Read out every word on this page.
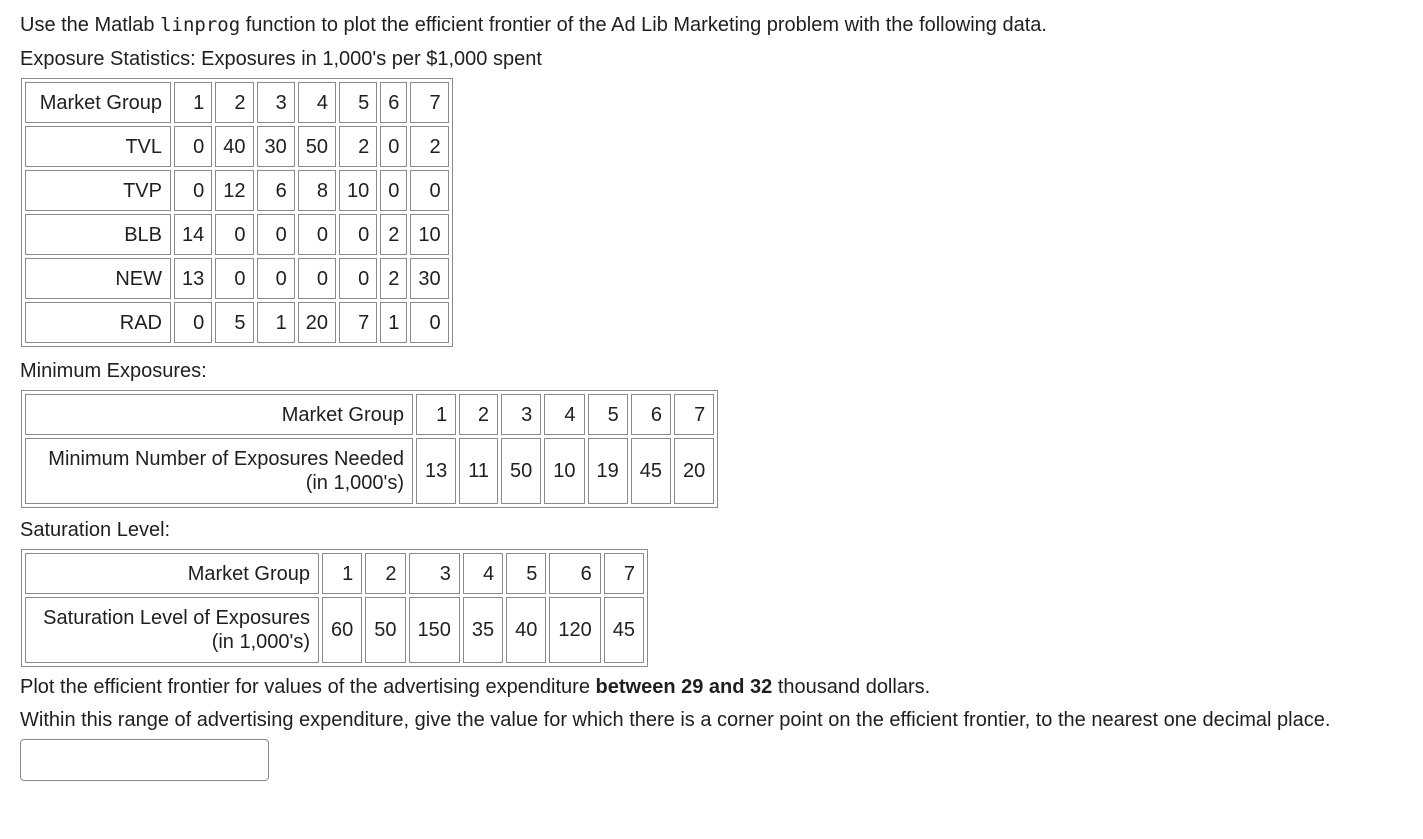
Use the Matlab linprog function to plot the efficient frontier of the Ad Lib Marketing problem with the following data.

Exposure Statistics: Exposures in 1,000's per $1,000 spent

Market Group	1	2	3	4	5	6	7
TVL	0	40	30	50	2	0	2
TVP	0	12	6	8	10	0	0
BLB	14	0	0	0	0	2	10
NEW	13	0	0	0	0	2	30
RAD	0	5	1	20	7	1	0

Minimum Exposures:

Market Group	1	2	3	4	5	6	7
Minimum Number of Exposures Needed
(in 1,000's)	13	11	50	10	19	45	20

Saturation Level:

Market Group	1	2	3	4	5	6	7
Saturation Level of Exposures
(in 1,000's)	60	50	150	35	40	120	45

Plot the efficient frontier for values of the advertising expenditure between 29 and 32 thousand dollars.

Within this range of advertising expenditure, give the value for which there is a corner point on the efficient frontier, to the nearest one decimal place.
